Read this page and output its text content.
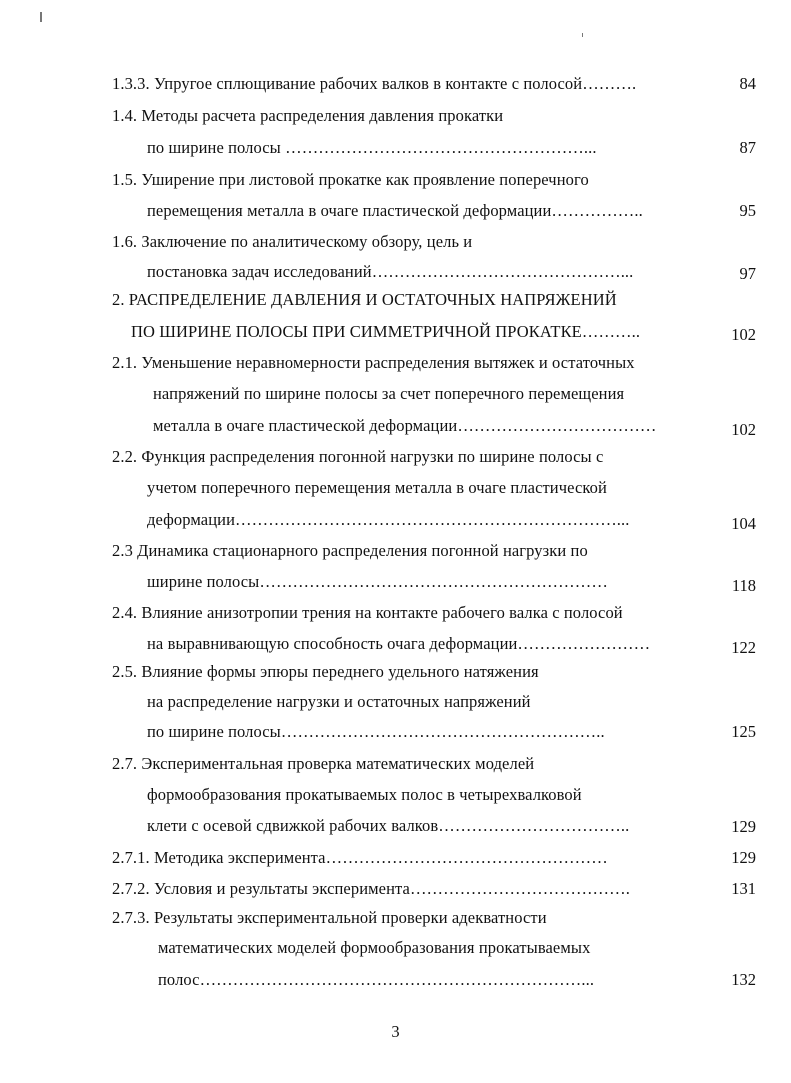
1.3.3. Упругое сплющивание рабочих валков в контакте с полосой……….	84
1.4. Методы расчета распределения давления прокатки
по ширине полосы ………………………………………………...	87
1.5. Уширение при листовой прокатке как проявление поперечного
перемещения металла в очаге пластической деформации……………..	95
1.6. Заключение по аналитическому обзору, цель и
постановка задач исследований………………………………………...	97
2. РАСПРЕДЕЛЕНИЕ ДАВЛЕНИЯ И ОСТАТОЧНЫХ НАПРЯЖЕНИЙ
ПО ШИРИНЕ ПОЛОСЫ ПРИ СИММЕТРИЧНОЙ ПРОКАТКЕ………..	102
2.1. Уменьшение неравномерности распределения вытяжек и остаточных
напряжений по ширине полосы за счет поперечного перемещения
металла в очаге пластической деформации………………………………	102
2.2. Функция распределения погонной нагрузки по ширине полосы с
учетом поперечного перемещения металла в очаге пластической
деформации……………………………………………………………...	104
2.3 Динамика стационарного распределения погонной нагрузки по
ширине полосы………………………………………………………	118
2.4. Влияние анизотропии трения на контакте рабочего валка с полосой
на выравнивающую способность очага деформации……………………	122
2.5. Влияние формы эпюры переднего удельного натяжения
на распределение нагрузки и остаточных напряжений
по ширине полосы…………………………………………………..	125
2.7. Экспериментальная проверка математических моделей
формообразования прокатываемых полос в четырехвалковой
клети с осевой сдвижкой рабочих валков……………………………..	129
2.7.1. Методика эксперимента……………………………………………	129
2.7.2. Условия и результаты эксперимента………………………………….	131
2.7.3. Результаты экспериментальной проверки адекватности
математических моделей формообразования прокатываемых
полос……………………………………………………………...	132
3
